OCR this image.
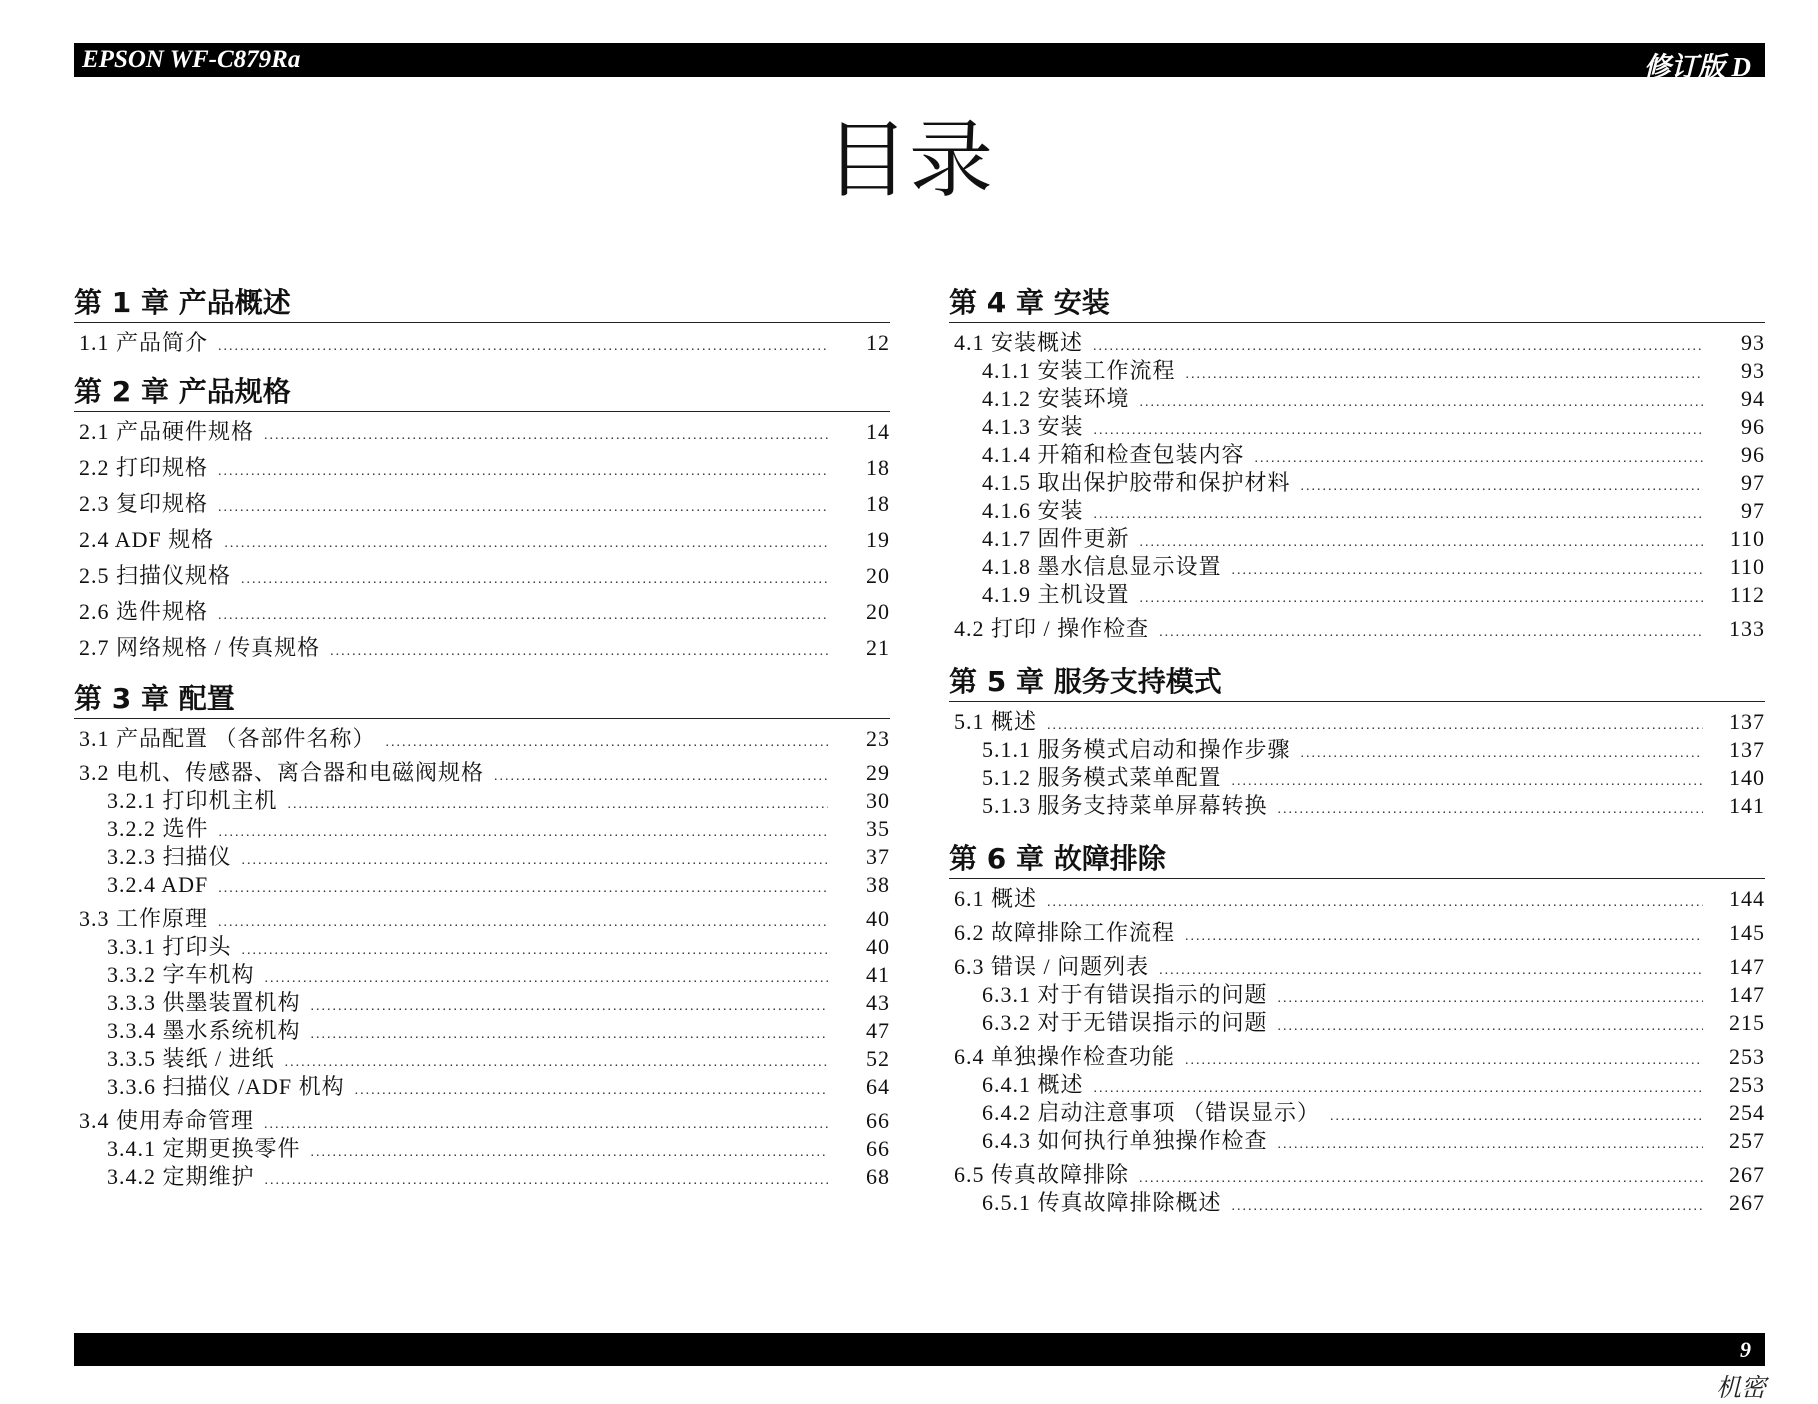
EPSON WF-C879Ra	修订版 D
目录
第 1 章 产品概述
1.1 产品简介 .....	12
第 2 章 产品规格
2.1 产品硬件规格 .....	14
2.2 打印规格 .....	18
2.3 复印规格 .....	18
2.4 ADF 规格 .....	19
2.5 扫描仪规格 .....	20
2.6 选件规格 .....	20
2.7 网络规格 / 传真规格 .....	21
第 3 章 配置
3.1 产品配置 （各部件名称） .....	23
3.2 电机、传感器、离合器和电磁阀规格 .....	29
3.2.1 打印机主机 .....	30
3.2.2 选件 .....	35
3.2.3 扫描仪 .....	37
3.2.4 ADF .....	38
3.3 工作原理 .....	40
3.3.1 打印头 .....	40
3.3.2 字车机构 .....	41
3.3.3 供墨装置机构 .....	43
3.3.4 墨水系统机构 .....	47
3.3.5 装纸 / 进纸 .....	52
3.3.6 扫描仪 /ADF 机构 .....	64
3.4 使用寿命管理 .....	66
3.4.1 定期更换零件 .....	66
3.4.2 定期维护 .....	68
第 4 章 安装
4.1 安装概述 .....	93
4.1.1 安装工作流程 .....	93
4.1.2 安装环境 .....	94
4.1.3 安装 .....	96
4.1.4 开箱和检查包装内容 .....	96
4.1.5 取出保护胶带和保护材料 .....	97
4.1.6 安装 .....	97
4.1.7 固件更新 .....	110
4.1.8 墨水信息显示设置 .....	110
4.1.9 主机设置 .....	112
4.2 打印 / 操作检查 .....	133
第 5 章 服务支持模式
5.1 概述 .....	137
5.1.1 服务模式启动和操作步骤 .....	137
5.1.2 服务模式菜单配置 .....	140
5.1.3 服务支持菜单屏幕转换 .....	141
第 6 章 故障排除
6.1 概述 .....	144
6.2 故障排除工作流程 .....	145
6.3 错误 / 问题列表 .....	147
6.3.1 对于有错误指示的问题 .....	147
6.3.2 对于无错误指示的问题 .....	215
6.4 单独操作检查功能 .....	253
6.4.1 概述 .....	253
6.4.2 启动注意事项 （错误显示） .....	254
6.4.3 如何执行单独操作检查 .....	257
6.5 传真故障排除 .....	267
6.5.1 传真故障排除概述 .....	267
9
机密
